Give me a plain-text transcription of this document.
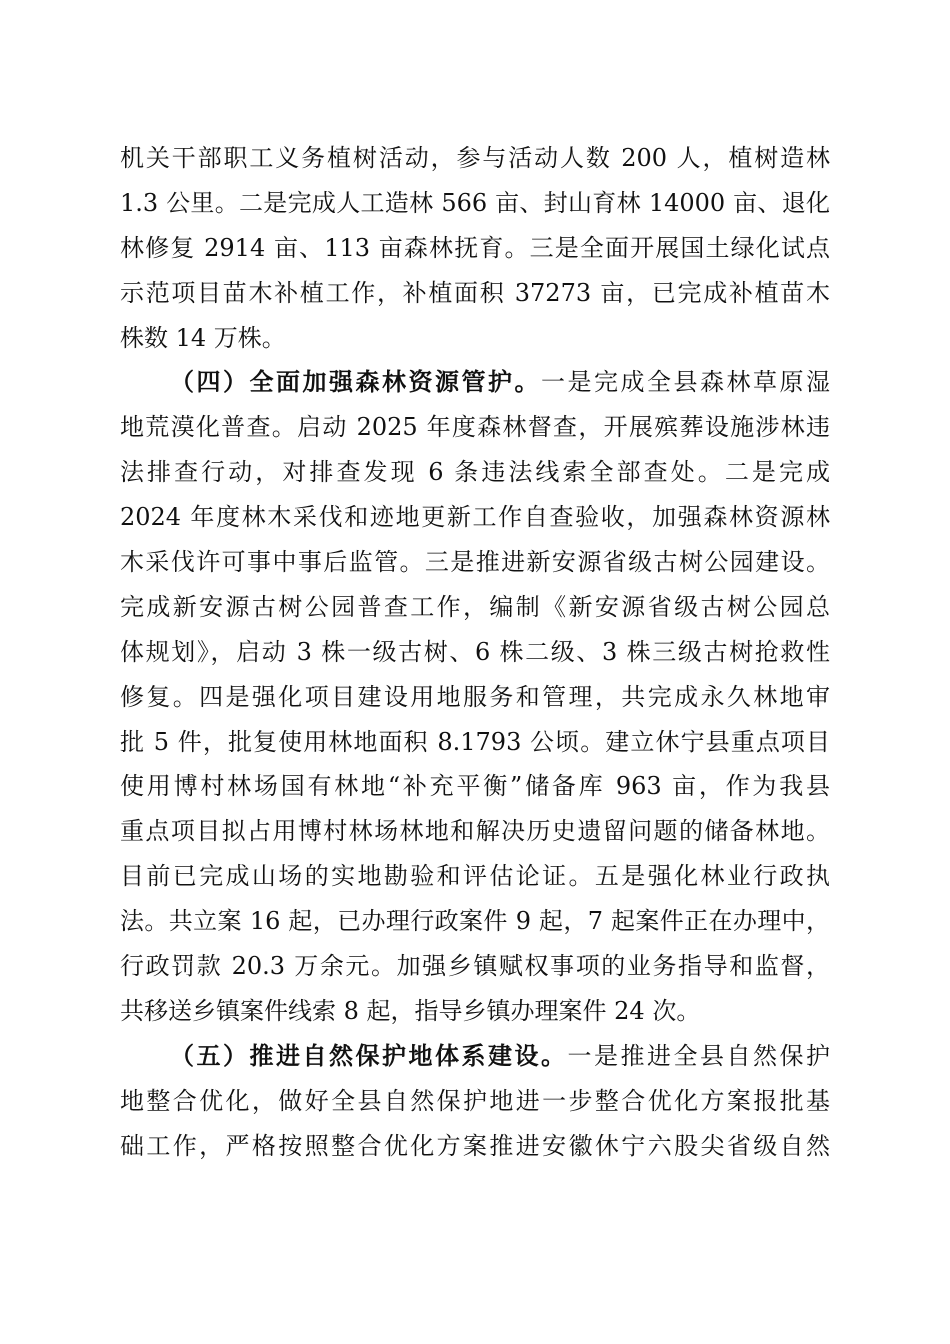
机关干部职工义务植树活动，参与活动人数 200 人，植树造林
1.3 公里。二是完成人工造林 566 亩、封山育林 14000 亩、退化
林修复 2914 亩、113 亩森林抚育。三是全面开展国土绿化试点
示范项目苗木补植工作，补植面积 37273 亩，已完成补植苗木
株数 14 万株。
（四）全面加强森林资源管护。一是完成全县森林草原湿
地荒漠化普查。启动 2025 年度森林督查，开展殡葬设施涉林违
法排查行动，对排查发现 6 条违法线索全部查处。二是完成
2024 年度林木采伐和迹地更新工作自查验收，加强森林资源林
木采伐许可事中事后监管。三是推进新安源省级古树公园建设。
完成新安源古树公园普查工作，编制《新安源省级古树公园总
体规划》，启动 3 株一级古树、6 株二级、3 株三级古树抢救性
修复。四是强化项目建设用地服务和管理，共完成永久林地审
批 5 件，批复使用林地面积 8.1793 公顷。建立休宁县重点项目
使用博村林场国有林地“补充平衡”储备库 963 亩，作为我县
重点项目拟占用博村林场林地和解决历史遗留问题的储备林地。
目前已完成山场的实地勘验和评估论证。五是强化林业行政执
法。共立案 16 起，已办理行政案件 9 起，7 起案件正在办理中，
行政罚款 20.3 万余元。加强乡镇赋权事项的业务指导和监督，
共移送乡镇案件线索 8 起，指导乡镇办理案件 24 次。
（五）推进自然保护地体系建设。一是推进全县自然保护
地整合优化，做好全县自然保护地进一步整合优化方案报批基
础工作，严格按照整合优化方案推进安徽休宁六股尖省级自然
